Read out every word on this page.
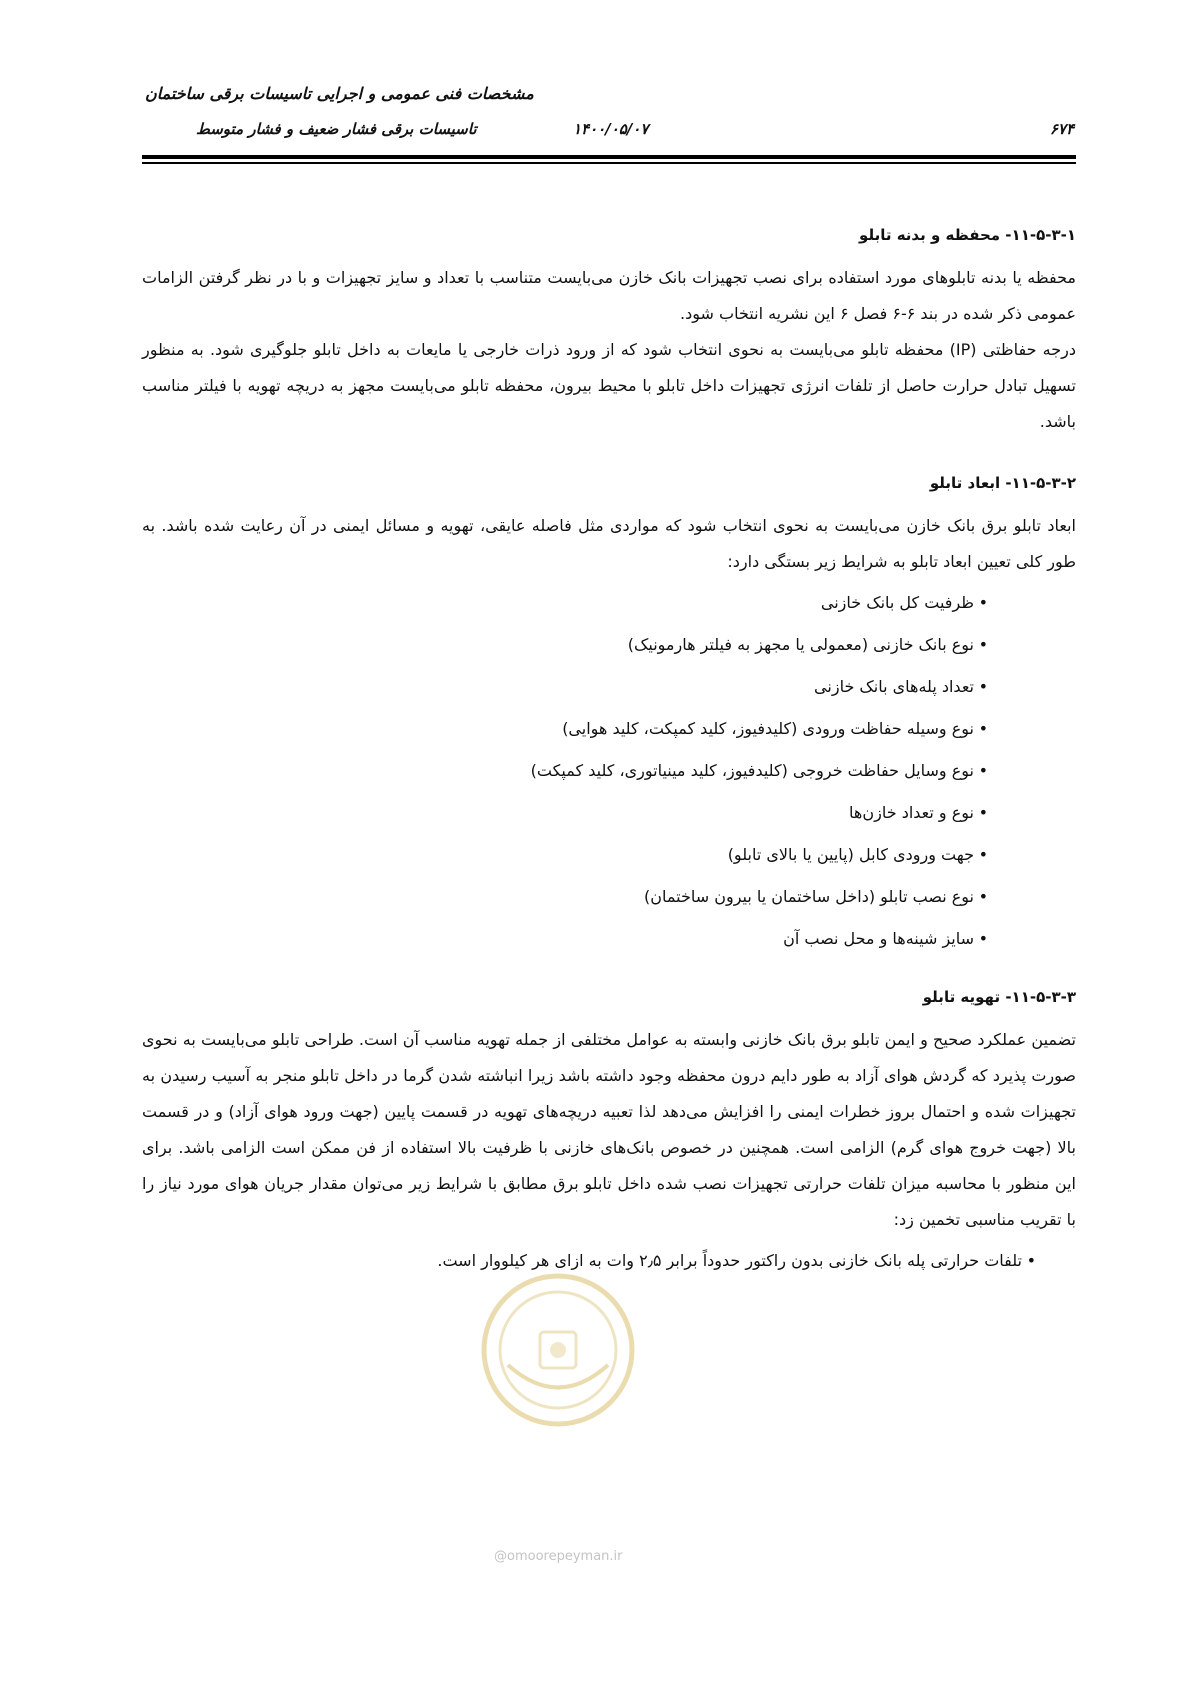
مشخصات فنی عمومی و اجرایی تاسیسات برقی ساختمان
تاسیسات برقی فشار ضعیف و فشار متوسط	۱۴۰۰/۰۵/۰۷	۶۷۴
۱۱-۵-۳-۱- محفظه و بدنه تابلو

محفظه یا بدنه تابلوهای مورد استفاده برای نصب تجهیزات بانک خازن می‌بایست متناسب با تعداد و سایز تجهیزات و با در نظر گرفتن الزامات عمومی ذکر شده در بند ۶-۶ فصل ۶ این نشریه انتخاب شود.

درجه حفاظتی (IP) محفظه تابلو می‌بایست به نحوی انتخاب شود که از ورود ذرات خارجی یا مایعات به داخل تابلو جلوگیری شود. به منظور تسهیل تبادل حرارت حاصل از تلفات انرژی تجهیزات داخل تابلو با محیط بیرون، محفظه تابلو می‌بایست مجهز به دریچه تهویه با فیلتر مناسب باشد.

۱۱-۵-۳-۲- ابعاد تابلو

ابعاد تابلو برق بانک خازن می‌بایست به نحوی انتخاب شود که مواردی مثل فاصله عایقی، تهویه و مسائل ایمنی در آن رعایت شده باشد. به طور کلی تعیین ابعاد تابلو به شرایط زیر بستگی دارد:

•
ظرفیت کل بانک خازنی
•
نوع بانک خازنی (معمولی یا مجهز به فیلتر هارمونیک)
•
تعداد پله‌های بانک خازنی
•
نوع وسیله حفاظت ورودی (کلیدفیوز، کلید کمپکت، کلید هوایی)
•
نوع وسایل حفاظت خروجی (کلیدفیوز، کلید مینیاتوری، کلید کمپکت)
•
نوع و تعداد خازن‌ها
•
جهت ورودی کابل (پایین یا بالای تابلو)
•
نوع نصب تابلو (داخل ساختمان یا بیرون ساختمان)
•
سایز شینه‌ها و محل نصب آن
۱۱-۵-۳-۳- تهویه تابلو

تضمین عملکرد صحیح و ایمن تابلو برق بانک خازنی وابسته به عوامل مختلفی از جمله تهویه مناسب آن است. طراحی تابلو می‌بایست به نحوی صورت پذیرد که گردش هوای آزاد به طور دایم درون محفظه وجود داشته باشد زیرا انباشته شدن گرما در داخل تابلو منجر به آسیب رسیدن به تجهیزات شده و احتمال بروز خطرات ایمنی را افزایش می‌دهد لذا تعبیه دریچه‌های تهویه در قسمت پایین (جهت ورود هوای آزاد) و در قسمت بالا (جهت خروج هوای گرم) الزامی است. همچنین در خصوص بانک‌های خازنی با ظرفیت بالا استفاده از فن ممکن است الزامی باشد. برای این منظور با محاسبه میزان تلفات حرارتی تجهیزات نصب شده داخل تابلو برق مطابق با شرایط زیر می‌توان مقدار جریان هوای مورد نیاز را با تقریب مناسبی تخمین زد:

•
تلفات حرارتی پله بانک خازنی بدون راکتور حدوداً برابر ۲٫۵ وات به ازای هر کیلووار است.
@omoorepeyman.ir
